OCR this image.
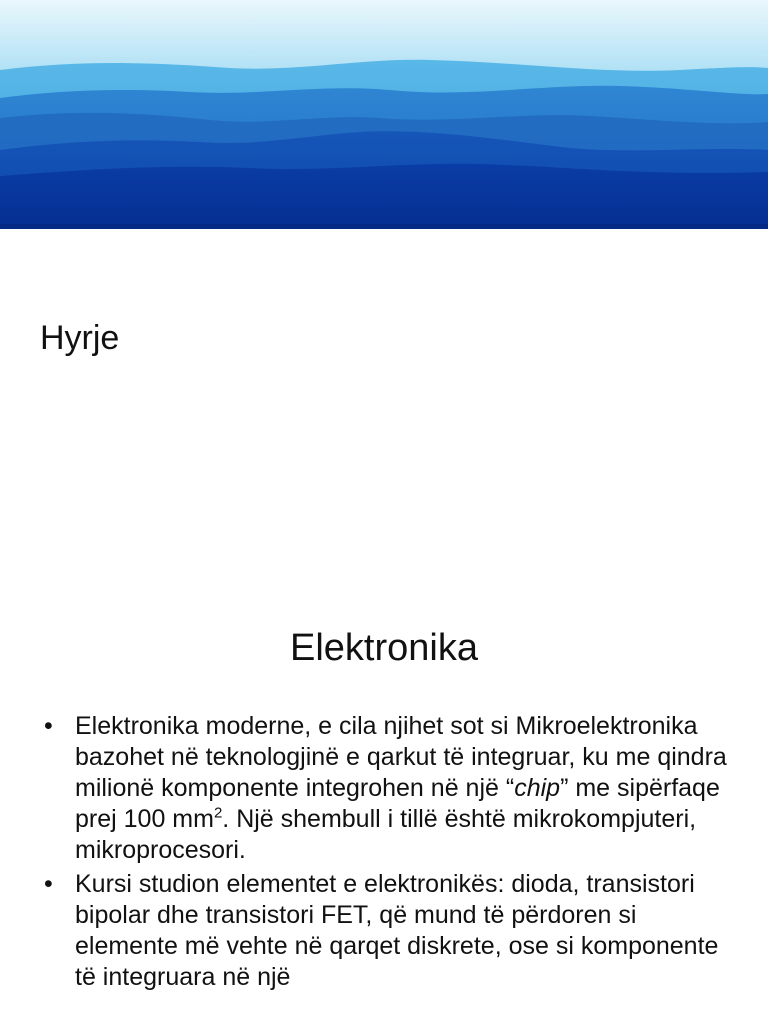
Hyrje
Elektronika
• Elektronika moderne, e cila njihet sot si Mikroelektronika bazohet në teknologjinë e qarkut të integruar, ku me qindra milionë komponente integrohen në një “chip” me sipërfaqe prej 100 $mm^2$. Një shembull i tillë është mikrokompjuteri, mikroprocesori.
• Kursi studion elementet e elektronikës: dioda, transistori bipolar dhe transistori FET, që mund të përdoren si elemente më vehte në qarqet diskrete, ose si komponente të integruara në një
